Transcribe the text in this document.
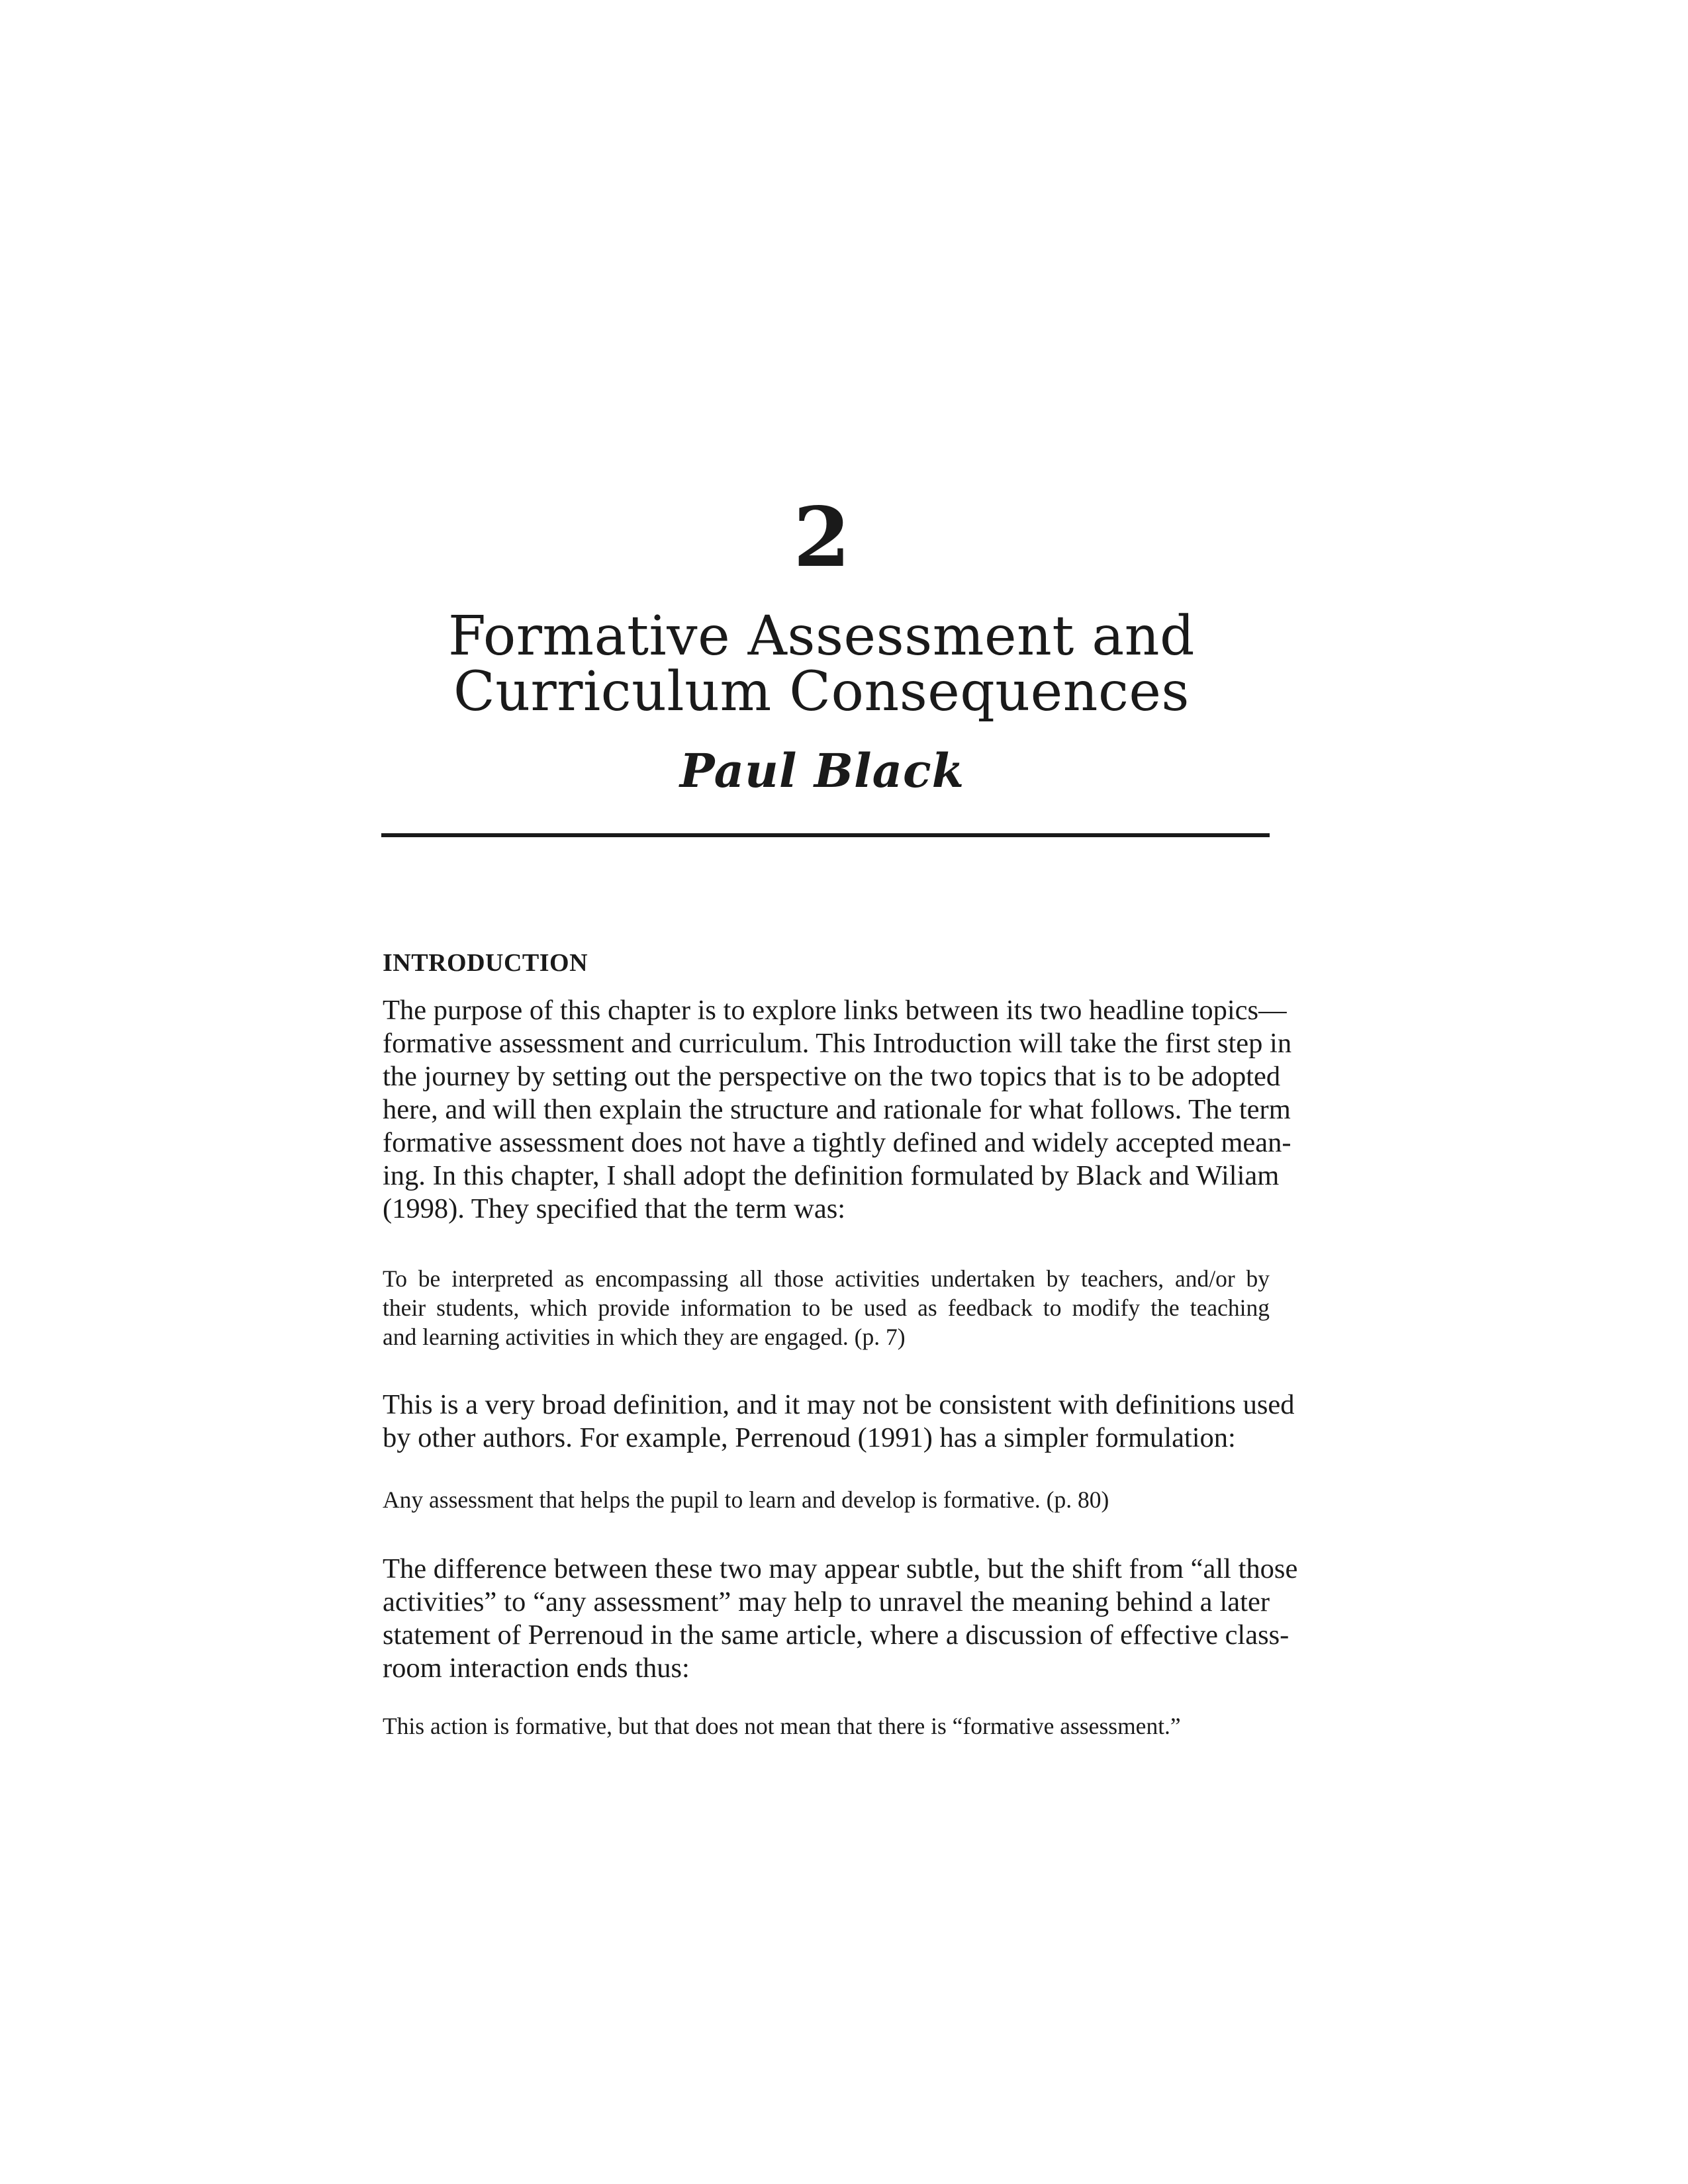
2
Formative Assessment and
Curriculum Consequences
Paul Black
INTRODUCTION
The purpose of this chapter is to explore links between its two headline topics—
formative assessment and curriculum. This Introduction will take the first step in
the journey by setting out the perspective on the two topics that is to be adopted
here, and will then explain the structure and rationale for what follows. The term
formative assessment does not have a tightly defined and widely accepted mean-
ing. In this chapter, I shall adopt the definition formulated by Black and Wiliam
(1998). They specified that the term was:
To be interpreted as encompassing all those activities undertaken by teachers, and/or by
their students, which provide information to be used as feedback to modify the teaching
and learning activities in which they are engaged. (p. 7)
This is a very broad definition, and it may not be consistent with definitions used
by other authors. For example, Perrenoud (1991) has a simpler formulation:
Any assessment that helps the pupil to learn and develop is formative. (p. 80)
The difference between these two may appear subtle, but the shift from “all those
activities” to “any assessment” may help to unravel the meaning behind a later
statement of Perrenoud in the same article, where a discussion of effective class-
room interaction ends thus:
This action is formative, but that does not mean that there is “formative assessment.”
